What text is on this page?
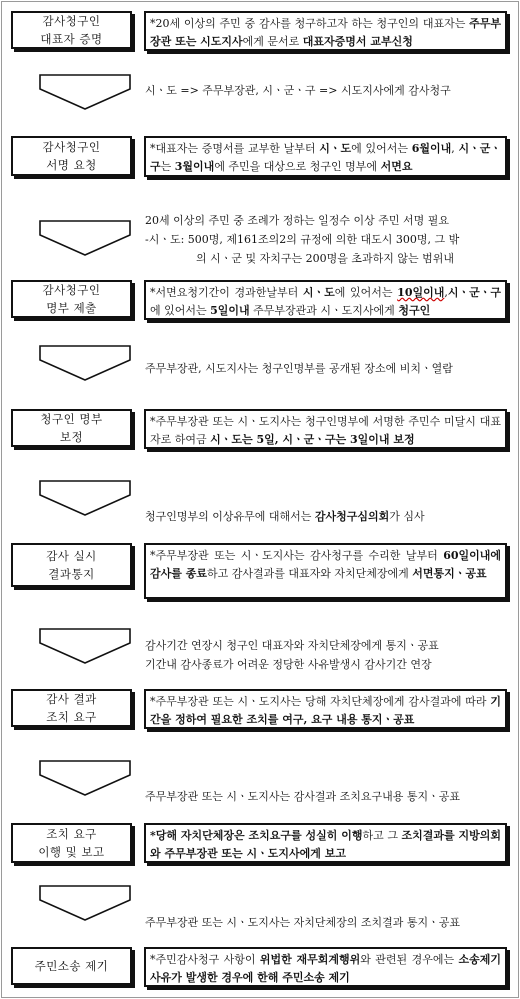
감사청구인
대표자 증명
*20세 이상의 주민 중 감사를 청구하고자 하는 청구인의 대표자는 주무부장관 또는 시도지사에게 문서로 대표자증명서 교부신청
시ㆍ도 => 주무부장관, 시ㆍ군ㆍ구 => 시도지사에게 감사청구
감사청구인
서명 요청
*대표자는 증명서를 교부한 날부터 시ㆍ도에 있어서는 6월이내, 시ㆍ군ㆍ구는 3월이내에 주민을 대상으로 청구인 명부에 서면요
20세 이상의 주민 중 조례가 정하는 일정수 이상 주민 서명 필요
-시ㆍ도: 500명, 제161조의2의 규정에 의한 대도시 300명, 그 밖
의 시ㆍ군 및 자치구는 200명을 초과하지 않는 범위내
감사청구인
명부 제출
*서면요청기간이 경과한날부터 시ㆍ도에 있어서는 10일이내,시ㆍ군ㆍ구에 있어서는 5일이내 주무부장관과 시ㆍ도지사에게 청구인
주무부장관, 시도지사는 청구인명부를 공개된 장소에 비치ㆍ열람
청구인 명부
보정
*주무부장관 또는 시ㆍ도지사는 청구인명부에 서명한 주민수 미달시 대표자로 하여금 시ㆍ도는 5일, 시ㆍ군ㆍ구는 3일이내 보정
청구인명부의 이상유무에 대해서는 감사청구심의회가 심사
감사 실시
결과통지
*주무부장관 또는 시ㆍ도지사는 감사청구를 수리한 날부터 60일이내에 감사를 종료하고 감사결과를 대표자와 자치단체장에게 서면통지ㆍ공표
감사기간 연장시 청구인 대표자와 자치단체장에게 통지ㆍ공표
기간내 감사종료가 어려운 정당한 사유발생시 감사기간 연장
감사 결과
조치 요구
*주무부장관 또는 시ㆍ도지사는 당해 자치단체장에게 감사결과에 따라 기간을 정하여 필요한 조치를 여구, 요구 내용 통지ㆍ공표
주무부장관 또는 시ㆍ도지사는 감사결과 조치요구내용 통지ㆍ공표
조치 요구
이행 및 보고
*당해 자치단체장은 조치요구를 성실히 이행하고 그 조치결과를 지방의회와 주무부장관 또는 시ㆍ도지사에게 보고
주무부장관 또는 시ㆍ도지사는 자치단체장의 조치결과 통지ㆍ공표
주민소송 제기	*주민감사청구 사항이 위법한 재무회계행위와 관련된 경우에는 소송제기 사유가 발생한 경우에 한해 주민소송 제기
